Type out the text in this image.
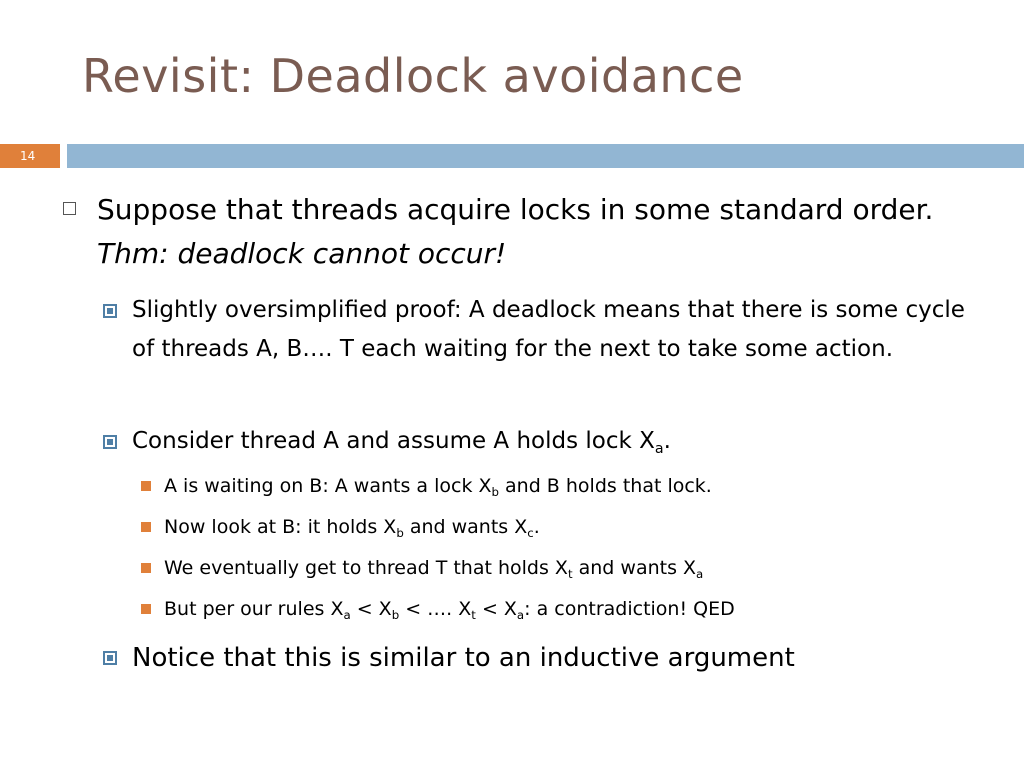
Revisit: Deadlock avoidance
14
Suppose that threads acquire locks in some standard order. Thm: deadlock cannot occur!
Slightly oversimplified proof: A deadlock means that there is some cycle of threads A, B…. T each waiting for the next to take some action.
Consider thread A and assume A holds lock $X_a$.
A is waiting on B: A wants a lock $X_b$ and B holds that lock.
Now look at B: it holds $X_b$ and wants $X_c$.
We eventually get to thread T that holds $X_t$ and wants $X_a$
But per our rules $X_a < X_b$ < …. $X_t < X_a$: a contradiction! QED
Notice that this is similar to an inductive argument
